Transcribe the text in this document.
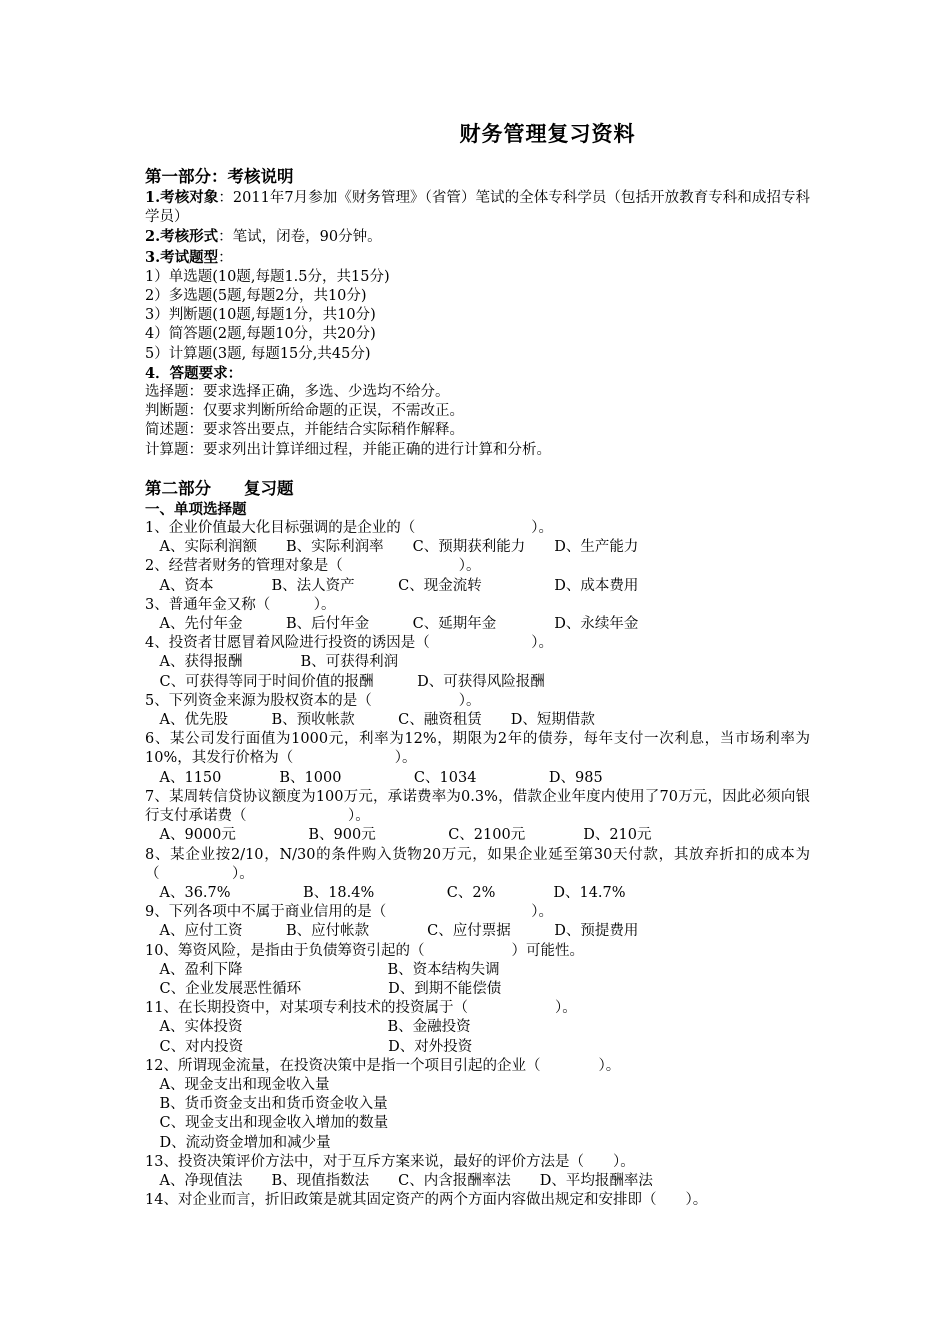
财务管理复习资料
第一部分：考核说明
1.考核对象：2011年7月参加《财务管理》（省管）笔试的全体专科学员（包括开放教育专科和成招专科学员）
2.考核形式：笔试，闭卷，90分钟。
3.考试题型：
1）单选题(10题,每题1.5分，共15分)
2）多选题(5题,每题2分，共10分)
3）判断题(10题,每题1分，共10分)
4）简答题(2题,每题10分，共20分)
5）计算题(3题, 每题15分,共45分)
4．答题要求：
选择题：要求选择正确，多选、少选均不给分。
判断题：仅要求判断所给命题的正误，不需改正。
简述题：要求答出要点，并能结合实际稍作解释。
计算题：要求列出计算详细过程，并能正确的进行计算和分析。
第二部分　　复习题
一、单项选择题
1、企业价值最大化目标强调的是企业的（　　　　　　　　）。
　A、实际利润额　　B、实际利润率　　C、预期获利能力　　D、生产能力
2、经营者财务的管理对象是（　　　　　　　　）。
　A、资本　　　　B、法人资产　　　C、现金流转　　　　　D、成本费用
3、普通年金又称（　　　）。
　A、先付年金　　　B、后付年金　　　C、延期年金　　　　D、永续年金
4、投资者甘愿冒着风险进行投资的诱因是（　　　　　　　）。
　A、获得报酬　　　　B、可获得利润
　C、可获得等同于时间价值的报酬　　　D、可获得风险报酬
5、下列资金来源为股权资本的是（　　　　　　）。
　A、优先股　　　B、预收帐款　　　C、融资租赁　　D、短期借款
6、某公司发行面值为1000元，利率为12%，期限为2年的债券，每年支付一次利息，当市场利率为10%，其发行价格为（　　　　　　　）。
　A、1150　　　　B、1000　　　　　C、1034　　　　　D、985
7、某周转信贷协议额度为100万元，承诺费率为0.3%，借款企业年度内使用了70万元，因此必须向银行支付承诺费（　　　　　　　）。
　A、9000元　　　　　B、900元　　　　　C、2100元　　　　D、210元
8、某企业按2/10，N/30的条件购入货物20万元，如果企业延至第30天付款，其放弃折扣的成本为（　　　　　）。
　A、36.7%　　　　　B、18.4%　　　　　C、2%　　　　D、14.7%
9、下列各项中不属于商业信用的是（　　　　　　　　　　）。
　A、应付工资　　　B、应付帐款　　　　C、应付票据　　　D、预提费用
10、筹资风险，是指由于负债筹资引起的（　　　　　　）可能性。
　A、盈利下降　　　　　　　　　　B、资本结构失调
　C、企业发展恶性循环　　　　　　D、到期不能偿债
11、在长期投资中，对某项专利技术的投资属于（　　　　　　）。
　A、实体投资　　　　　　　　　　B、金融投资
　C、对内投资　　　　　　　　　　D、对外投资
12、所谓现金流量，在投资决策中是指一个项目引起的企业（　　　　）。
　A、现金支出和现金收入量
　B、货币资金支出和货币资金收入量
　C、现金支出和现金收入增加的数量
　D、流动资金增加和减少量
13、投资决策评价方法中，对于互斥方案来说，最好的评价方法是（　　）。
　A、净现值法　　B、现值指数法　　C、内含报酬率法　　D、平均报酬率法
14、对企业而言，折旧政策是就其固定资产的两个方面内容做出规定和安排即（　　）。
